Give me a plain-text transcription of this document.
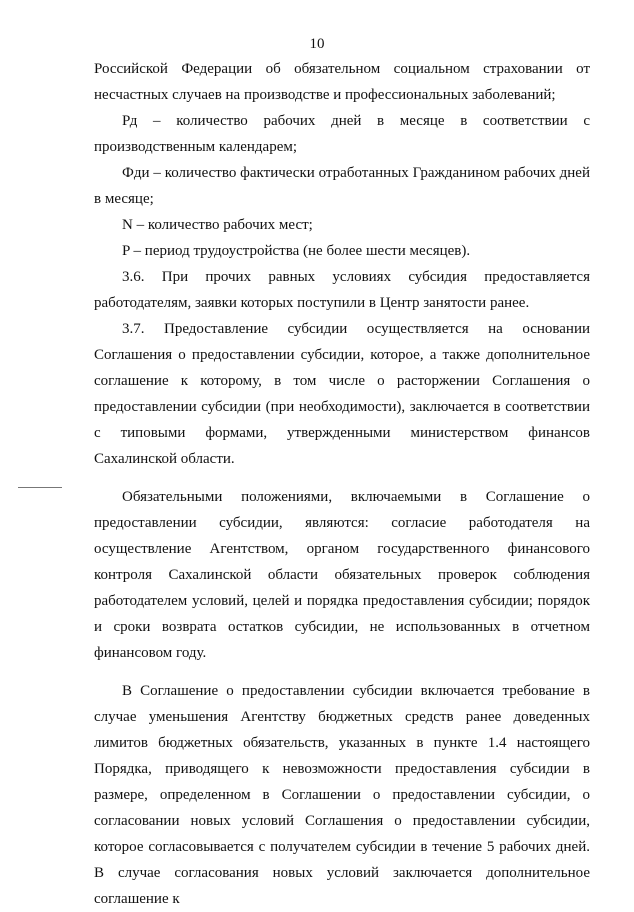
10

Российской Федерации об обязательном социальном страховании от несчастных случаев на производстве и профессиональных заболеваний;

Рд – количество рабочих дней в месяце в соответствии с производственным календарем;

Фди – количество фактически отработанных Гражданином рабочих дней в месяце;

N – количество рабочих мест;

P – период трудоустройства (не более шести месяцев).

3.6. При прочих равных условиях субсидия предоставляется работодателям, заявки которых поступили в Центр занятости ранее.

3.7. Предоставление субсидии осуществляется на основании Соглашения о предоставлении субсидии, которое, а также дополнительное соглашение к которому, в том числе о расторжении Соглашения о предоставлении субсидии (при необходимости), заключается в соответствии с типовыми формами, утвержденными министерством финансов Сахалинской области.

Обязательными положениями, включаемыми в Соглашение о предоставлении субсидии, являются: согласие работодателя на осуществление Агентством, органом государственного финансового контроля Сахалинской области обязательных проверок соблюдения работодателем условий, целей и порядка предоставления субсидии; порядок и сроки возврата остатков субсидии, не использованных в отчетном финансовом году.

В Соглашение о предоставлении субсидии включается требование в случае уменьшения Агентству бюджетных средств ранее доведенных лимитов бюджетных обязательств, указанных в пункте 1.4 настоящего Порядка, приводящего к невозможности предоставления субсидии в размере, определенном в Соглашении о предоставлении субсидии, о согласовании новых условий Соглашения о предоставлении субсидии, которое согласовывается с получателем субсидии в течение 5 рабочих дней. В случае согласования новых условий заключается дополнительное соглашение к
